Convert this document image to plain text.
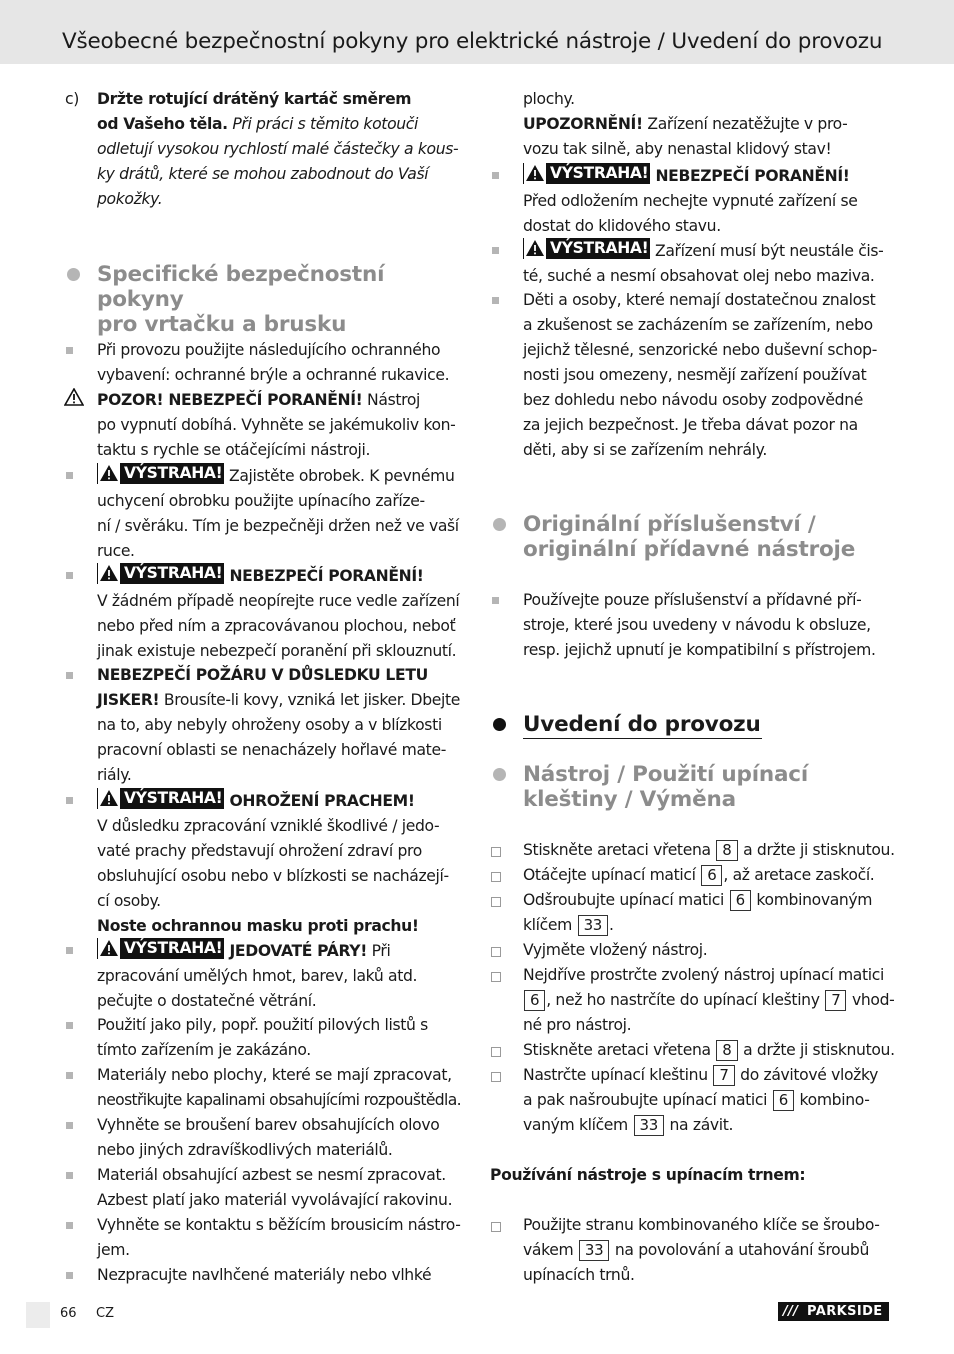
Všeobecné bezpečnostní pokyny pro elektrické nástroje / Uvedení do provozu
c) Držte rotující drátěný kartáč směrem

od Vašeho těla. Při práci s těmito kotouči

odletují vysokou rychlostí malé částečky a kous-

ky drátů, které se mohou zabodnout do Vaší

pokožky.

Specifické bezpečnostní pokyny
pro vrtačku a brusku

Při provozu použijte následujícího ochranného

vybavení: ochranné brýle a ochranné rukavice.

POZOR! NEBEZPEČÍ PORANĚNÍ! Nástroj

po vypnutí dobíhá. Vyhněte se jakémukoliv kon-

taktu s rychle se otáčejícími nástroji.

VÝSTRAHA! Zajistěte obrobek. K pevnému

uchycení obrobku použijte upínacího zaříze-

ní / svěráku. Tím je bezpečněji držen než ve vaší

ruce.

VÝSTRAHA! NEBEZPEČÍ PORANĚNÍ!

V žádném případě neopírejte ruce vedle zařízení

nebo před ním a zpracovávanou plochou, neboť

jinak existuje nebezpečí poranění při sklouznutí.

NEBEZPEČÍ POŽÁRU V DŮSLEDKU LETU

JISKER! Brousíte-li kovy, vzniká let jisker. Dbejte

na to, aby nebyly ohroženy osoby a v blízkosti

pracovní oblasti se nenacházely hořlavé mate-

riály.

VÝSTRAHA! OHROŽENÍ PRACHEM!

V důsledku zpracování vzniklé škodlivé / jedo-

vaté prachy představují ohrožení zdraví pro

obsluhující osobu nebo v blízkosti se nacházejí-

cí osoby.

Noste ochrannou masku proti prachu!

VÝSTRAHA! JEDOVATÉ PÁRY! Při

zpracování umělých hmot, barev, laků atd.

pečujte o dostatečné větrání.

Použití jako pily, popř. použití pilových listů s

tímto zařízením je zakázáno.

Materiály nebo plochy, které se mají zpracovat,

neostřikujte kapalinami obsahujícími rozpouštědla.

Vyhněte se broušení barev obsahujících olovo

nebo jiných zdravíškodlivých materiálů.

Materiál obsahující azbest se nesmí zpracovat.

Azbest platí jako materiál vyvolávající rakovinu.

Vyhněte se kontaktu s běžícím brousicím nástro-

jem.

Nezpracujte navlhčené materiály nebo vlhké

plochy.

UPOZORNĚNÍ! Zařízení nezatěžujte v pro-

vozu tak silně, aby nenastal klidový stav!

VÝSTRAHA! NEBEZPEČÍ PORANĚNÍ!

Před odložením nechejte vypnuté zařízení se

dostat do klidového stavu.

VÝSTRAHA! Zařízení musí být neustále čis-

té, suché a nesmí obsahovat olej nebo maziva.

Děti a osoby, které nemají dostatečnou znalost

a zkušenost se zacházením se zařízením, nebo

jejichž tělesné, senzorické nebo duševní schop-

nosti jsou omezeny, nesmějí zařízení používat

bez dohledu nebo návodu osoby zodpovědné

za jejich bezpečnost. Je třeba dávat pozor na

děti, aby si se zařízením nehrály.

Originální příslušenství /
originální přídavné nástroje

Používejte pouze příslušenství a přídavné pří-

stroje, které jsou uvedeny v návodu k obsluze,

resp. jejichž upnutí je kompatibilní s přístrojem.

Uvedení do provozu
Nástroj / Použití upínací
kleštiny / Výměna

Stiskněte aretaci vřetena 8 a držte ji stisknutou.

Otáčejte upínací maticí 6 , až aretace zaskočí.

Odšroubujte upínací matici 6 kombinovaným

klíčem 33 .

Vyjměte vložený nástroj.

Nejdříve prostrčte zvolený nástroj upínací matici

6 , než ho nastrčíte do upínací kleštiny 7 vhod-

né pro nástroj.

Stiskněte aretaci vřetena 8 a držte ji stisknutou.

Nastrčte upínací kleštinu 7 do závitové vložky

a pak našroubujte upínací matici 6 kombino-

vaným klíčem 33 na závit.

Používání nástroje s upínacím trnem:

Použijte stranu kombinovaného klíče se šroubo-

vákem 33 na povolování a utahování šroubů

upínacích trnů.

66 CZ	/// PARKSIDE
